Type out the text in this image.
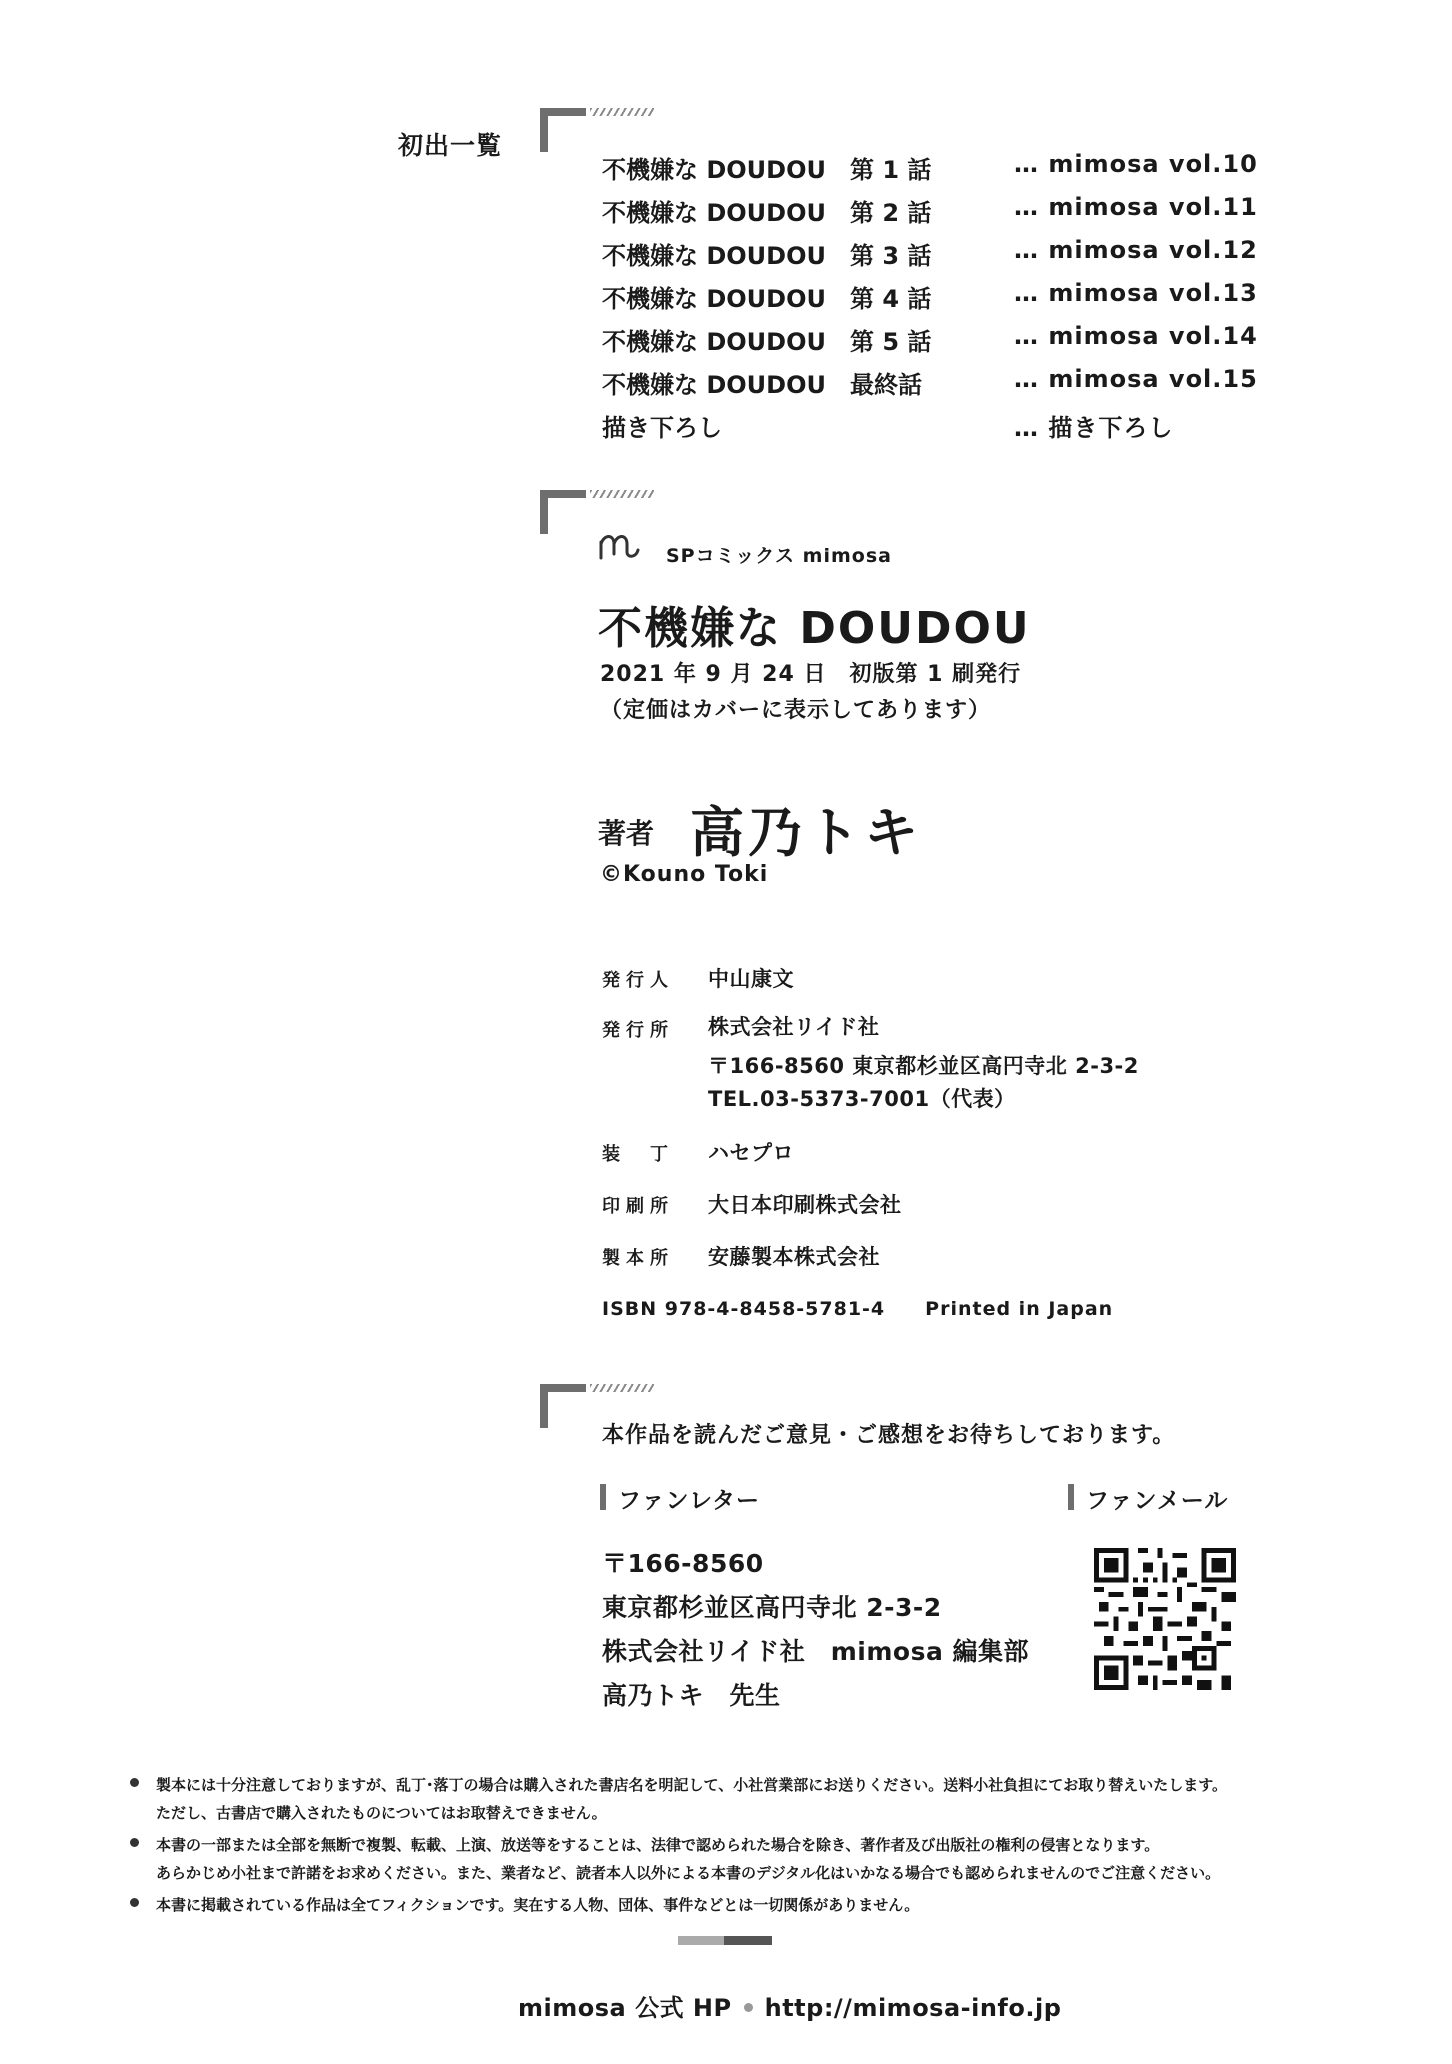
初出一覧
不機嫌な DOUDOU　第 1 話	… mimosa vol.10
不機嫌な DOUDOU　第 2 話	… mimosa vol.11
不機嫌な DOUDOU　第 3 話	… mimosa vol.12
不機嫌な DOUDOU　第 4 話	… mimosa vol.13
不機嫌な DOUDOU　第 5 話	… mimosa vol.14
不機嫌な DOUDOU　最終話	… mimosa vol.15
描き下ろし	… 描き下ろし
SPコミックス mimosa
不機嫌な DOUDOU
2021 年 9 月 24 日　初版第 1 刷発行
（定価はカバーに表示してあります）
著者 高乃トキ
©Kouno Toki
発行人 中山康文
発行所 株式会社リイド社
〒166-8560 東京都杉並区高円寺北 2-3-2
TEL.03-5373-7001（代表）
装　丁 ハセプロ
印刷所 大日本印刷株式会社
製本所 安藤製本株式会社
ISBN 978-4-8458-5781-4　　Printed in Japan
本作品を読んだご意見・ご感想をお待ちしております。
ファンレター	ファンメール
〒166-8560
東京都杉並区高円寺北 2-3-2
株式会社リイド社　mimosa 編集部
高乃トキ　先生
製本には十分注意しておりますが、乱丁･落丁の場合は購入された書店名を明記して、小社営業部にお送りください。送料小社負担にてお取り替えいたします。
ただし、古書店で購入されたものについてはお取替えできません。
本書の一部または全部を無断で複製、転載、上演、放送等をすることは、法律で認められた場合を除き、著作者及び出版社の権利の侵害となります。
あらかじめ小社まで許諾をお求めください。また、業者など、読者本人以外による本書のデジタル化はいかなる場合でも認められませんのでご注意ください。
本書に掲載されている作品は全てフィクションです。実在する人物、団体、事件などとは一切関係がありません。
mimosa 公式 HP http://mimosa-info.jp
